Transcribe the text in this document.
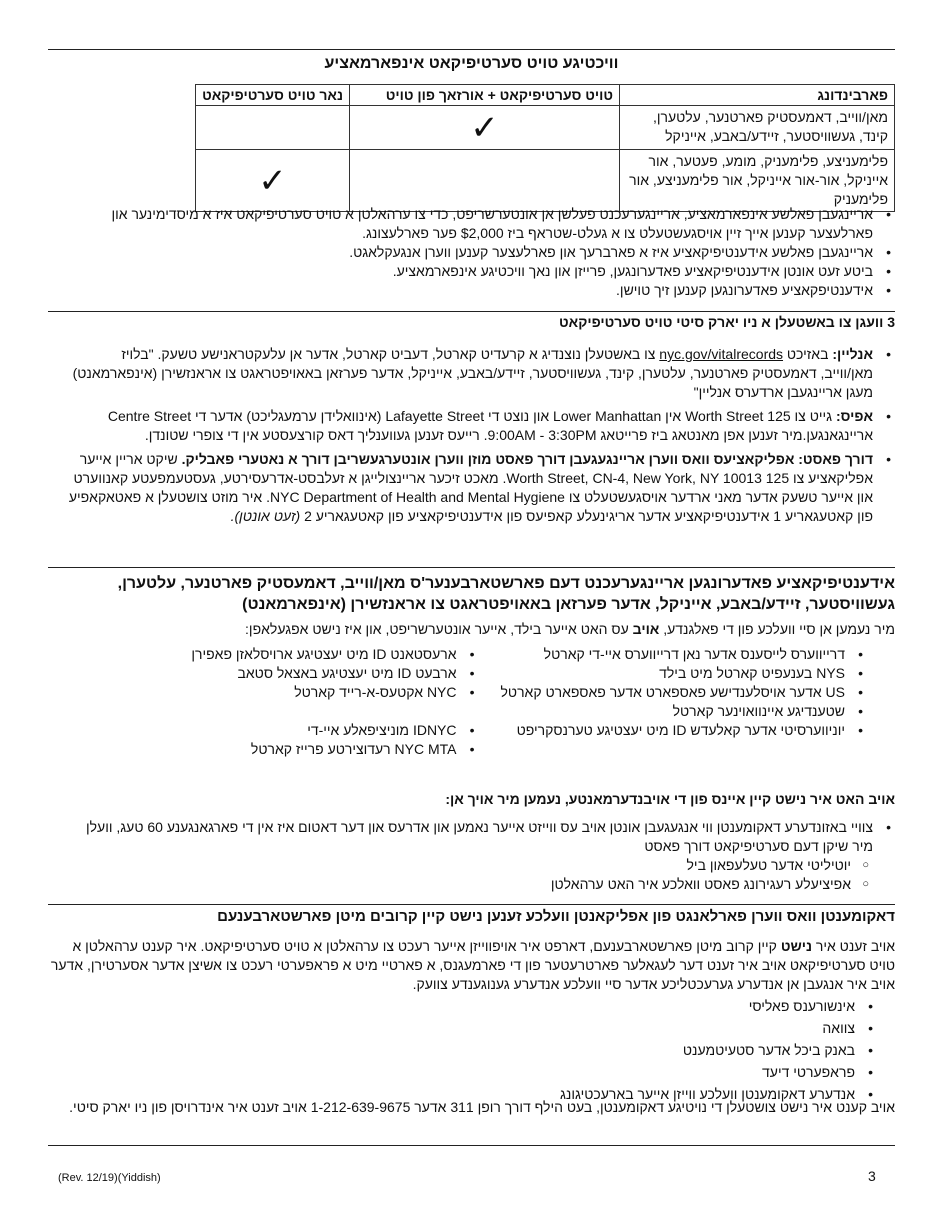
וויכטיגע טויט סערטיפיקאט אינפארמאציע
פארבינדונג	טויט סערטיפיקאט + אורזאך פון טויט	נאר טויט סערטיפיקאט
מאן/ווייב, דאמעסטיק פארטנער, עלטערן, קינד, געשוויסטער, זיידע/באבע, אייניקל	✓	
פלימעניצע, פלימעניק, מומע, פעטער, אור אייניקל, אור-אור אייניקל, אור פלימעניצע, אור פלימעניק		✓
• אריינגעבן פאלשע אינפארמאציע, אריינגערעכנט פעלשן אן אונטערשריפט, כדי צו ערהאלטן א טויט סערטיפיקאט איז א מיסדימינער און פארלעצער קענען אייך זיין אויסגעשטעלט צו א געלט-שטראף ביז $2,000 פער פארלעצונג.
• אריינגעבן פאלשע אידענטיפיקאציע איז א פארברעך און פארלעצער קענען ווערן אנגעקלאגט.
• ביטע זעט אונטן אידענטיפיקאציע פאדערונגען, פרייזן און נאך וויכטיגע אינפארמאציע.
• אידענטיפקאציע פאדערונגען קענען זיך טוישן.
3 וועגן צו באשטעלן א ניו יארק סיטי טויט סערטיפיקאט
• אנליין: באזיכט nyc.gov/vitalrecords צו באשטעלן נוצנדיג א קרעדיט קארטל, דעביט קארטל, אדער אן עלעקטראנישע טשעק. "בלויז מאן/ווייב, דאמעסטיק פארטנער, עלטערן, קינד, געשוויסטער, זיידע/באבע, אייניקל, אדער פערזאן באאויפטראגט צו אראנזשירן (אינפארמאנט) מעגן אריינגעבן ארדערס אנליין"
• אפיס: גייט צו 125 Worth Street אין Lower Manhattan און נוצט די Lafayette Street (אינוואלידן ערמעגליכט) אדער די Centre Street אריינגאנגען.מיר זענען אפן מאנטאג ביז פרייטאג 9:00AM - 3:30PM. רייעס זענען געווענליך דאס קורצעסטע אין די צופרי שטונדן.
• דורך פאסט: אפליקאציעס וואס ווערן אריינגעגעבן דורך פאסט מוזן ווערן אונטערגעשריבן דורך א נאטערי פאבליק. שיקט אריין אייער אפליקאציע צו 125 Worth Street, CN-4, New York, NY 10013. מאכט זיכער אריינצולייגן א זעלבסט-אדרעסירטע, געסטעמפעטע קאנווערט און אייער טשעק אדער מאני ארדער אויסגעשטעלט צו NYC Department of Health and Mental Hygiene. איר מוזט צושטעלן א פאטאקאפיע פון קאטעגאריע 1 אידענטיפיקאציע אדער אריגינעלע קאפיעס פון אידענטיפיקאציע פון קאטעגאריע 2 (זעט אונטן).
אידענטיפיקאציע פאדערונגען אריינגערעכנט דעם פארשטארבענער'ס מאן/ווייב, דאמעסטיק פארטנער, עלטערן, געשוויסטער, זיידע/באבע, אייניקל, אדער פערזאן באאויפטראגט צו אראנזשירן (אינפארמאנט)
מיר נעמען אן סיי וועלכע פון די פאלגנדע, אויב עס האט אייער בילד, אייער אונטערשריפט, און איז נישט אפגעלאפן:
• דרייווערס לייסענס אדער נאן דרייווערס איי-די קארטל
• NYS בענעפיט קארטל מיט בילד
• US אדער אויסלענדישע פאספארט אדער פאספארט קארטל
• שטענדיגע איינוואוינער קארטל
• יוניווערסיטי אדער קאלעדש ID מיט יעצטיגע טערנסקריפט
• ארעסטאנט ID מיט יעצטיגע ארויסלאזן פאפירן
• ארבעט ID מיט יעצטיגע באצאל סטאב
• NYC אקטעס-א-רייד קארטל
• IDNYC מוניציפאלע איי-די
• NYC MTA רעדוצירטע פרייז קארטל
אויב האט איר נישט קיין איינס פון די אויבנדערמאנטע, נעמען מיר אויך אן:
• צוויי באזונדערע דאקומענטן ווי אנגעגעבן אונטן אויב עס ווייזט אייער נאמען און אדרעס און דער דאטום איז אין די פארגאנגענע 60 טעג, וועלן מיר שיקן דעם סערטיפיקאט דורך פאסט
○ יוטיליטי אדער טעלעפאון ביל
○ אפיציעלע רעגירונג פאסט וואלכע איר האט ערהאלטן
דאקומענטן וואס ווערן פארלאנגט פון אפליקאנטן וועלכע זענען נישט קיין קרובים מיטן פארשטארבענעם
אויב זענט איר נישט קיין קרוב מיטן פארשטארבענעם, דארפט איר אויפווייזן אייער רעכט צו ערהאלטן א טויט סערטיפיקאט. איר קענט ערהאלטן א טויט סערטיפיקאט אויב איר זענט דער לעגאלער פארטרעטער פון די פארמעגנס, א פארטיי מיט א פראפערטי רעכט צו אשיצן אדער אסערטירן, אדער אויב איר אנגעבן אן אנדערע גערעכטליכע אדער סיי וועלכע אנדערע גענוגענדע צוועק.
• אינשורענס פאליסי
• צוואה
• באנק ביכל אדער סטעיטמענט
• פראפערטי דיעד
• אנדערע דאקומענטן וועלכע ווייזן אייער בארעכטיגונג
אויב קענט איר נישט צושטעלן די נויטיגע דאקומענטן, בעט הילף דורך רופן 311 אדער 1-212-639-9675 אויב זענט איר אינדרויסן פון ניו יארק סיטי.
(Rev. 12/19)(Yiddish)	3
